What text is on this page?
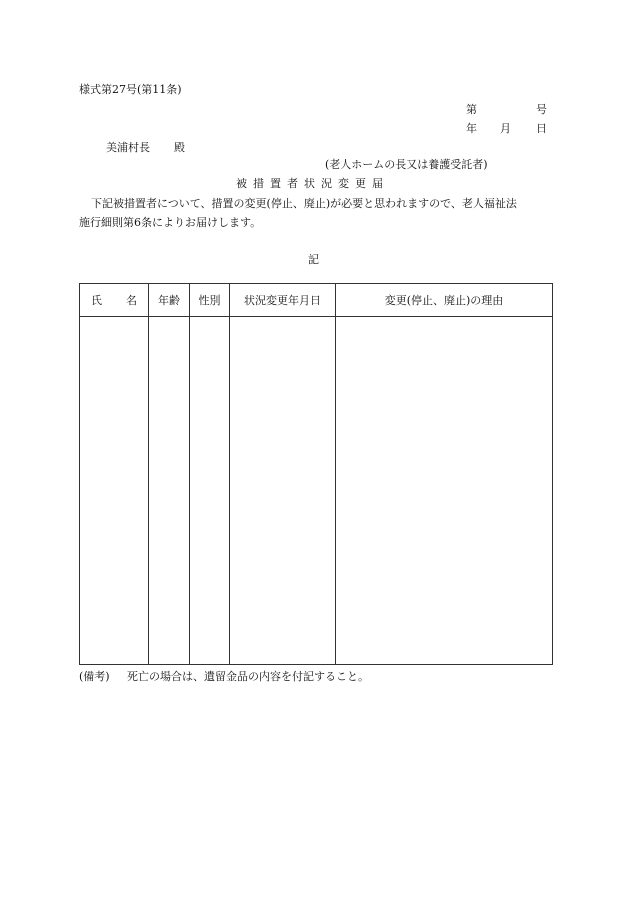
様式第27号(第11条)
第	号
年 月 日
美浦村長 殿
(老人ホームの長又は養護受託者)
被措置者状況変更届
下記被措置者について、措置の変更(停止、廃止)が必要と思われますので、老人福祉法
施行細則第6条によりお届けします。
記
氏 名	年齢	性別	状況変更年月日	変更(停止、廃止)の理由

(備考) 死亡の場合は、遺留金品の内容を付記すること。
